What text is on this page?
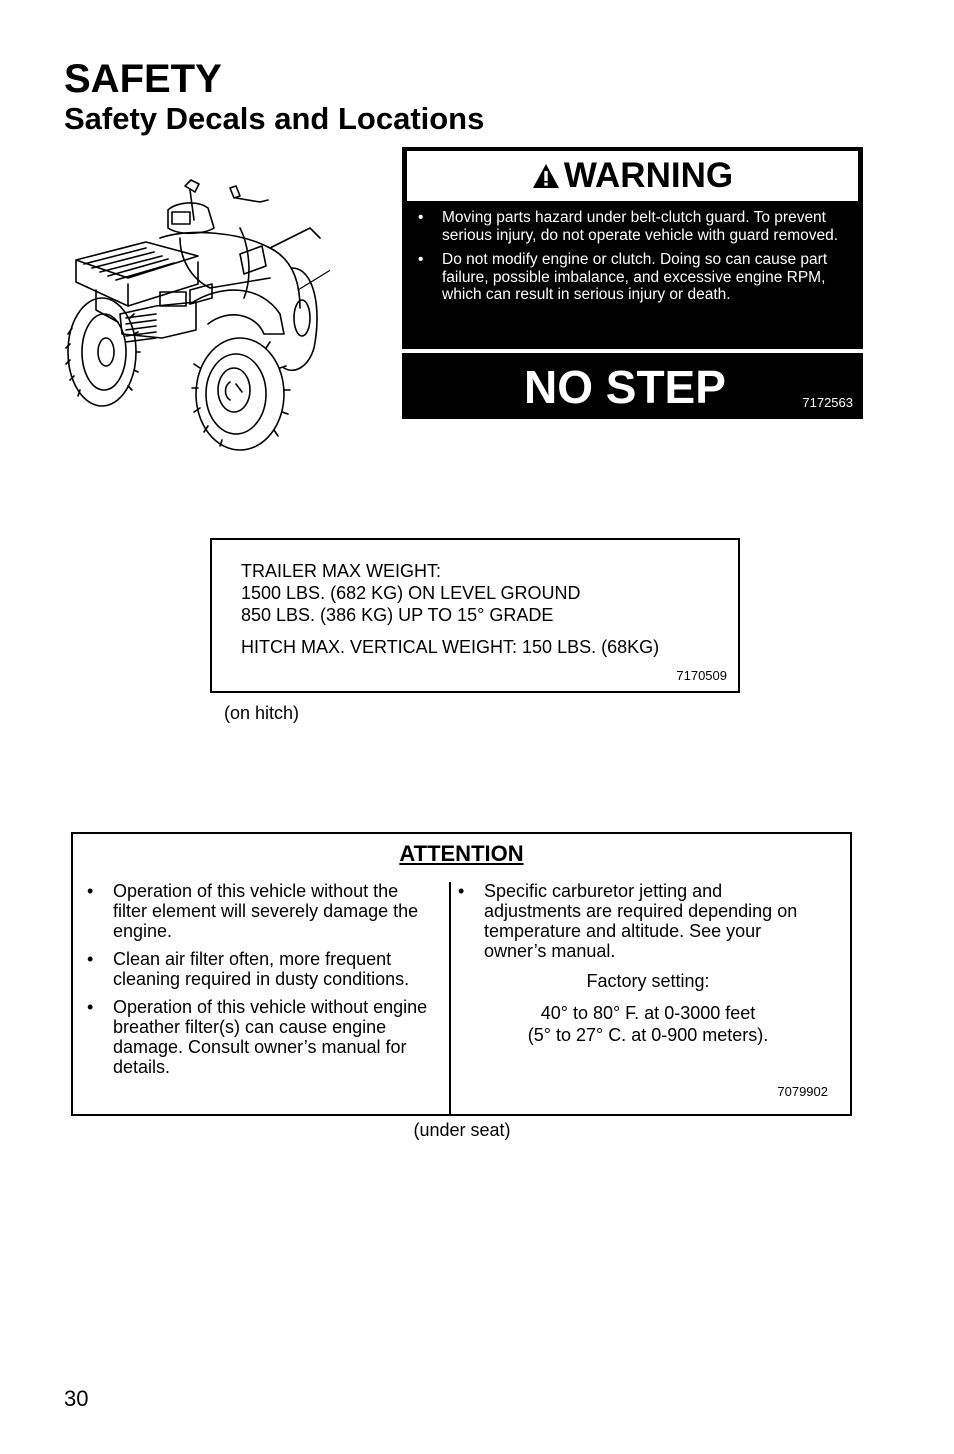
SAFETY
Safety Decals and Locations
WARNING
• Moving parts hazard under belt-clutch guard. To prevent serious injury, do not operate vehicle with guard removed.
• Do not modify engine or clutch. Doing so can cause part failure, possible imbalance, and excessive engine RPM, which can result in serious injury or death.
NO STEP	7172563
TRAILER MAX WEIGHT:
1500 LBS. (682 KG) ON LEVEL GROUND
850 LBS. (386 KG) UP TO 15° GRADE
HITCH MAX. VERTICAL WEIGHT: 150 LBS. (68KG)
7170509
(on hitch)
ATTENTION
• Operation of this vehicle without the filter element will severely damage the engine.
• Clean air filter often, more frequent cleaning required in dusty conditions.
• Operation of this vehicle without engine breather filter(s) can cause engine damage. Consult owner’s manual for details.
• Specific carburetor jetting and adjustments are required depending on temperature and altitude. See your owner’s manual.
Factory setting:
40° to 80° F. at 0-3000 feet
(5° to 27° C. at 0-900 meters).
7079902
(under seat)
30
